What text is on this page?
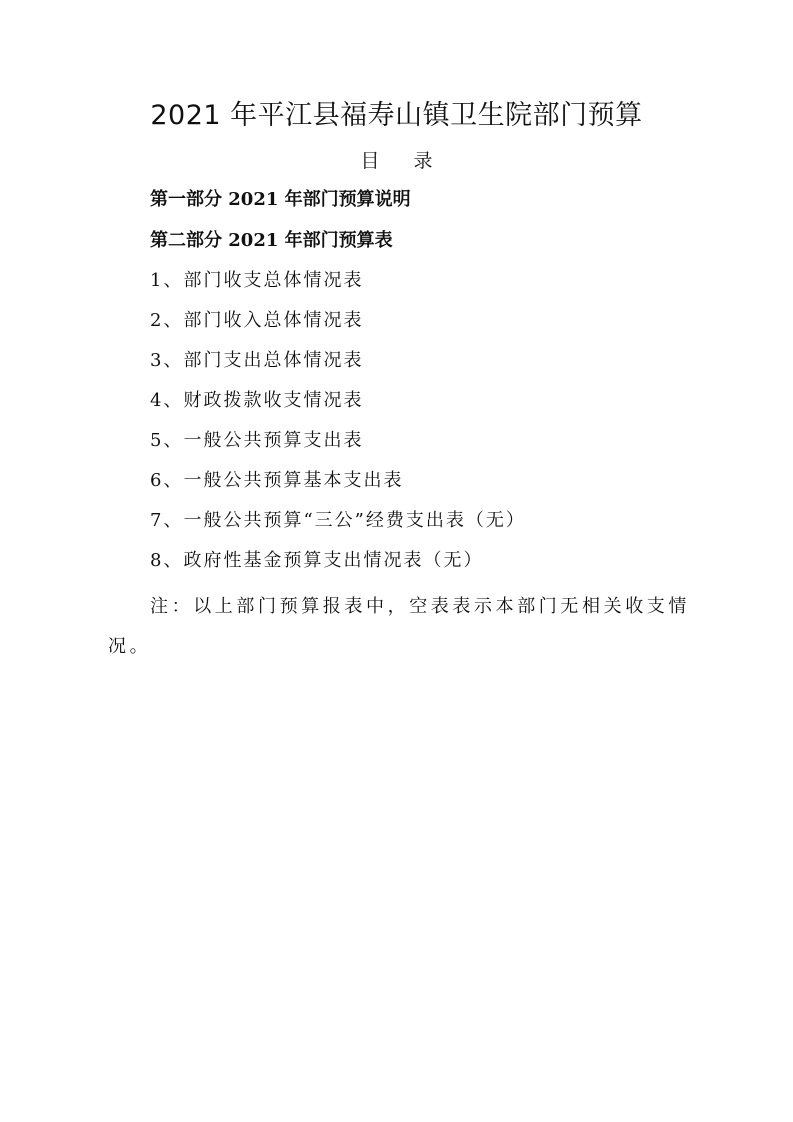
2021 年平江县福寿山镇卫生院部门预算
目 录
第一部分 2021 年部门预算说明
第二部分 2021 年部门预算表
1、部门收支总体情况表
2、部门收入总体情况表
3、部门支出总体情况表
4、财政拨款收支情况表
5、一般公共预算支出表
6、一般公共预算基本支出表
7、一般公共预算“三公”经费支出表（无）
8、政府性基金预算支出情况表（无）
注：以上部门预算报表中，空表表示本部门无相关收支情况。
